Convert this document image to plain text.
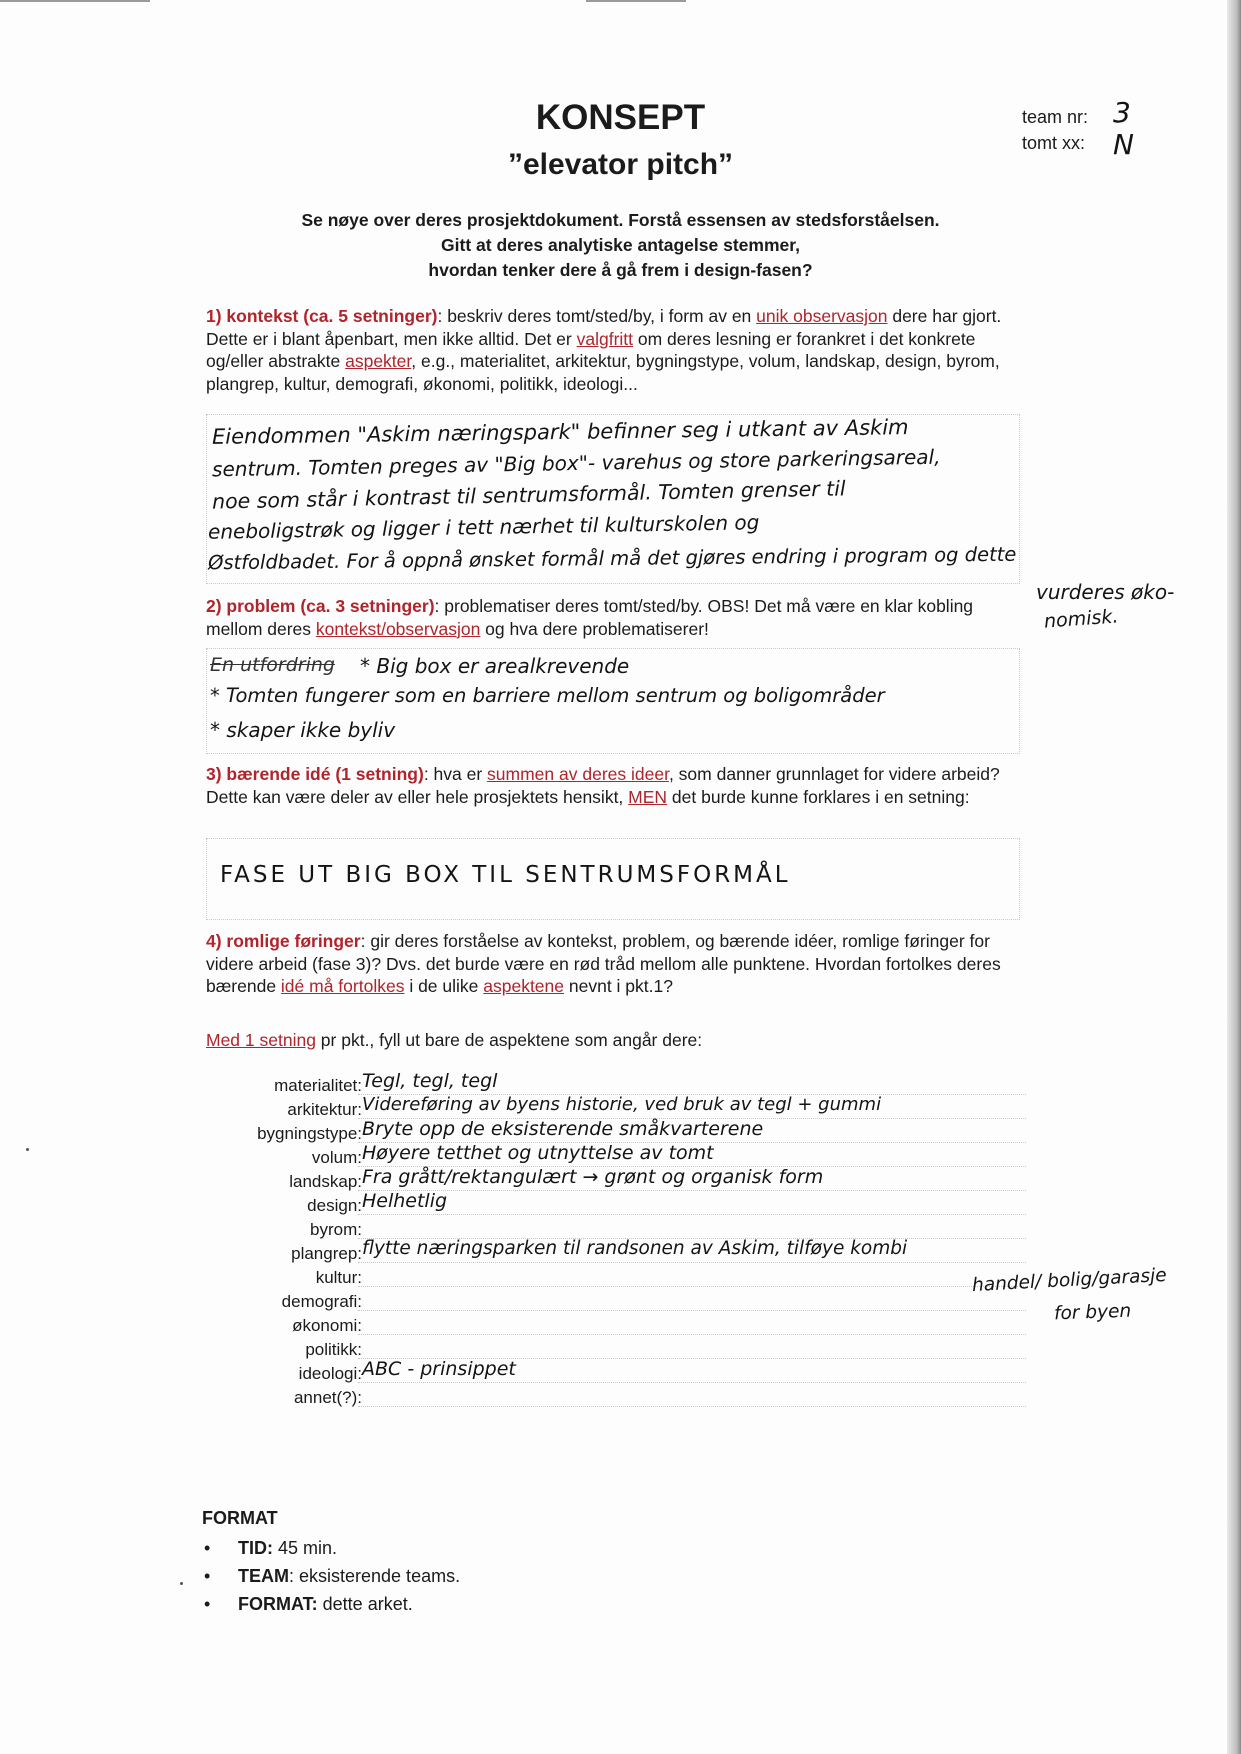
KONSEPT
”elevator pitch”
team nr:
tomt xx:
3
N
Se nøye over deres prosjektdokument. Forstå essensen av stedsforståelsen.
Gitt at deres analytiske antagelse stemmer,
hvordan tenker dere å gå frem i design-fasen?
1) kontekst (ca. 5 setninger): beskriv deres tomt/sted/by, i form av en unik observasjon dere har gjort. Dette er i blant åpenbart, men ikke alltid. Det er valgfritt om deres lesning er forankret i det konkrete og/eller abstrakte aspekter, e.g., materialitet, arkitektur, bygningstype, volum, landskap, design, byrom, plangrep, kultur, demografi, økonomi, politikk, ideologi...
Eiendommen "Askim næringspark" befinner seg i utkant av Askim
sentrum. Tomten preges av "Big box"- varehus og store parkeringsareal,
noe som står i kontrast til sentrumsformål. Tomten grenser til
eneboligstrøk og ligger i tett nærhet til kulturskolen og
Østfoldbadet. For å oppnå ønsket formål må det gjøres endring i program og dette
vurderes øko-
nomisk.
2) problem (ca. 3 setninger): problematiser deres tomt/sted/by. OBS! Det må være en klar kobling mellom deres kontekst/observasjon og hva dere problematiserer!
En utfordring * Big box er arealkrevende
* Tomten fungerer som en barriere mellom sentrum og boligområder
* skaper ikke byliv
3) bærende idé (1 setning): hva er summen av deres ideer, som danner grunnlaget for videre arbeid? Dette kan være deler av eller hele prosjektets hensikt, MEN det burde kunne forklares i en setning:
FASE UT BIG BOX TIL SENTRUMSFORMÅL
4) romlige føringer: gir deres forståelse av kontekst, problem, og bærende idéer, romlige føringer for videre arbeid (fase 3)? Dvs. det burde være en rød tråd mellom alle punktene. Hvordan fortolkes deres bærende idé må fortolkes i de ulike aspektene nevnt i pkt.1?
Med 1 setning pr pkt., fyll ut bare de aspektene som angår dere:
materialitet: Tegl, tegl, tegl
arkitektur: Videreføring av byens historie, ved bruk av tegl + gummi
bygningstype: Bryte opp de eksisterende småkvarterene
volum: Høyere tetthet og utnyttelse av tomt
landskap: Fra grått/rektangulært → grønt og organisk form
design: Helhetlig
byrom:
plangrep: flytte næringsparken til randsonen av Askim, tilføye kombi
kultur:
demografi:
økonomi:
politikk:
ideologi: ABC - prinsippet
annet(?):
handel/ bolig/garasje
for byen
FORMAT
• TID: 45 min.
• TEAM: eksisterende teams.
• FORMAT: dette arket.
